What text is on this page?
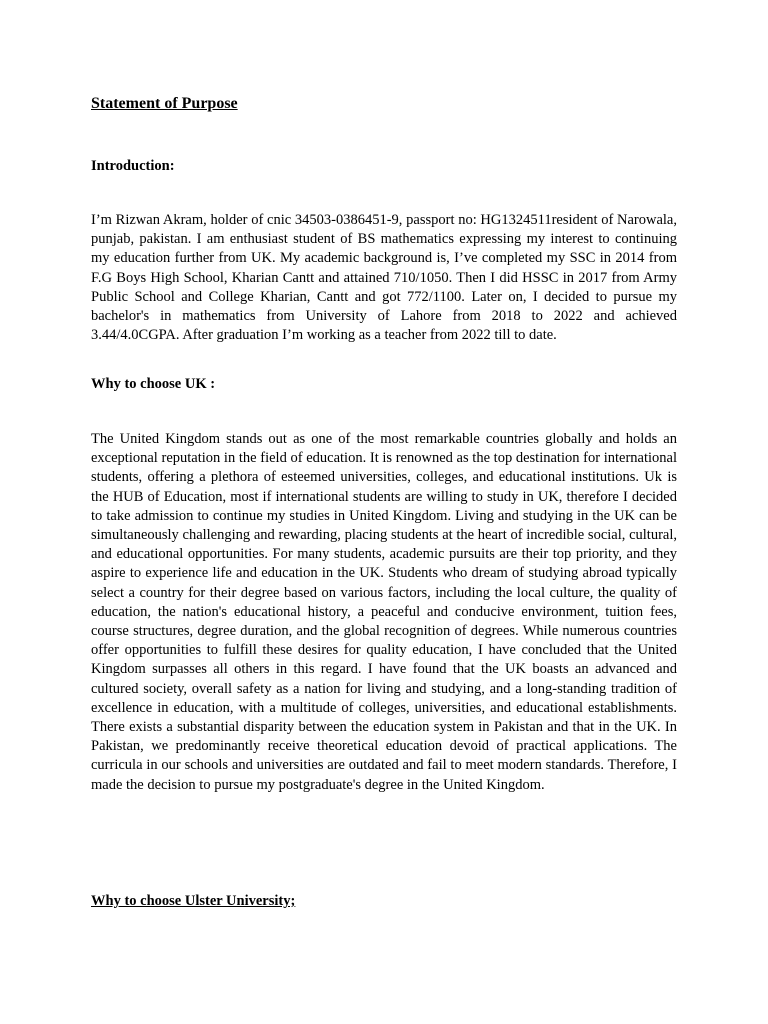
Statement of Purpose
Introduction:

I’m Rizwan Akram, holder of cnic 34503-0386451-9, passport no: HG1324511resident of Narowala, punjab, pakistan. I am enthusiast student of BS mathematics expressing my interest to continuing my education further from UK. My academic background is, I’ve completed my SSC in 2014 from F.G Boys High School, Kharian Cantt and attained 710/1050. Then I did HSSC in 2017 from Army Public School and College Kharian, Cantt and got 772/1100. Later on, I decided to pursue my bachelor's in mathematics from University of Lahore from 2018 to 2022 and achieved 3.44/4.0CGPA. After graduation I’m working as a teacher from 2022 till to date.

Why to choose UK :

The United Kingdom stands out as one of the most remarkable countries globally and holds an exceptional reputation in the field of education. It is renowned as the top destination for international students, offering a plethora of esteemed universities, colleges, and educational institutions. Uk is the HUB of Education, most if international students are willing to study in UK, therefore I decided to take admission to continue my studies in United Kingdom. Living and studying in the UK can be simultaneously challenging and rewarding, placing students at the heart of incredible social, cultural, and educational opportunities. For many students, academic pursuits are their top priority, and they aspire to experience life and education in the UK. Students who dream of studying abroad typically select a country for their degree based on various factors, including the local culture, the quality of education, the nation's educational history, a peaceful and conducive environment, tuition fees, course structures, degree duration, and the global recognition of degrees. While numerous countries offer opportunities to fulfill these desires for quality education, I have concluded that the United Kingdom surpasses all others in this regard. I have found that the UK boasts an advanced and cultured society, overall safety as a nation for living and studying, and a long-standing tradition of excellence in education, with a multitude of colleges, universities, and educational establishments. There exists a substantial disparity between the education system in Pakistan and that in the UK. In Pakistan, we predominantly receive theoretical education devoid of practical applications. The curricula in our schools and universities are outdated and fail to meet modern standards. Therefore, I made the decision to pursue my postgraduate's degree in the United Kingdom.

Why to choose Ulster University;
